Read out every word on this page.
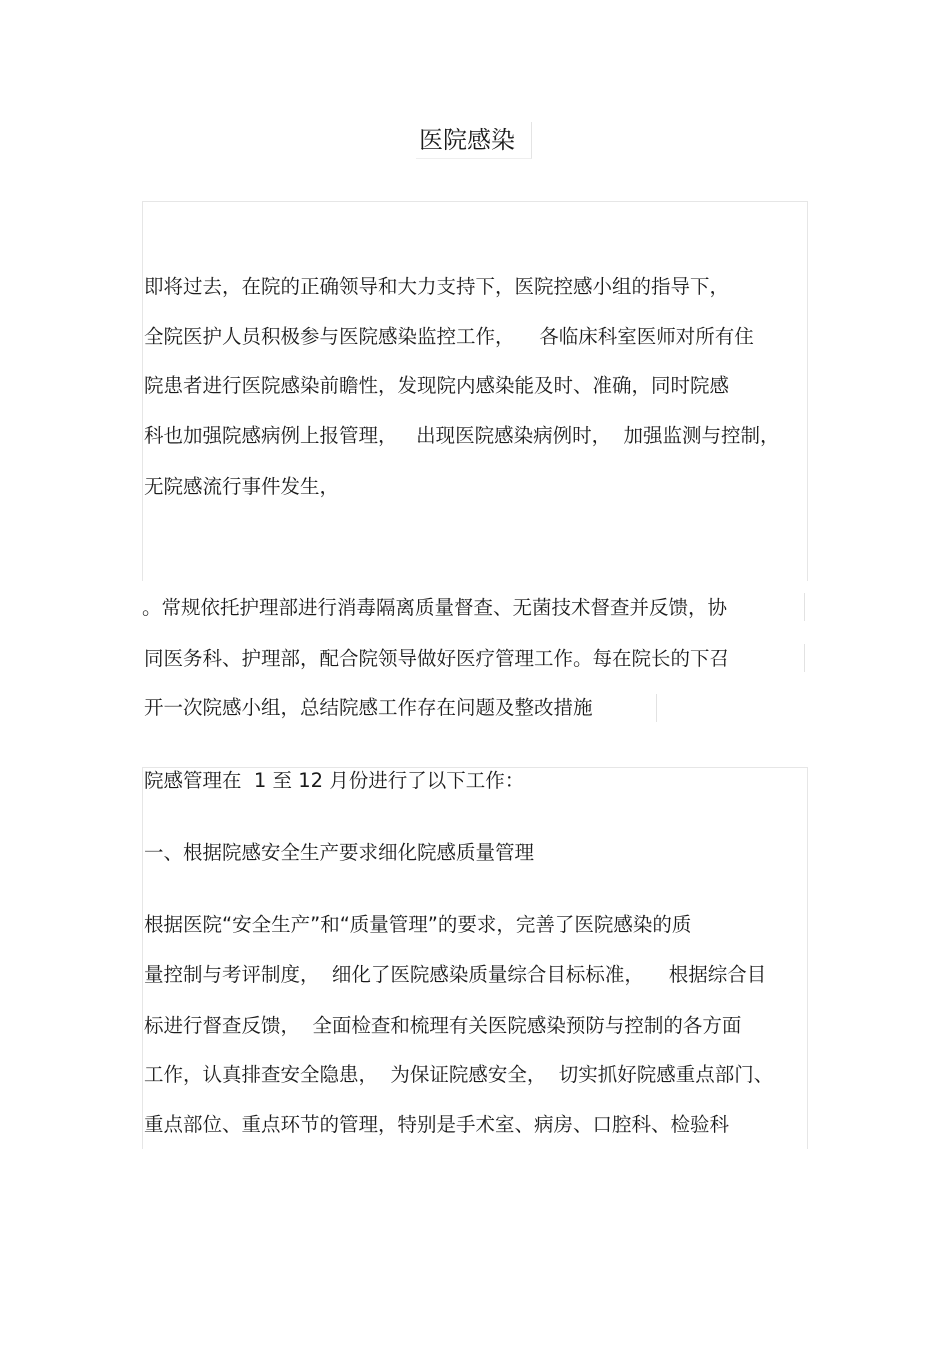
医院感染
即将过去，在院的正确领导和大力支持下，医院控感小组的指导下，
全院医护人员积极参与医院感染监控工作，    各临床科室医师对所有住
院患者进行医院感染前瞻性，发现院内感染能及时、准确，同时院感
科也加强院感病例上报管理，   出现医院感染病例时，  加强监测与控制，
无院感流行事件发生，
。常规依托护理部进行消毒隔离质量督查、无菌技术督查并反馈，协
同医务科、护理部，配合院领导做好医疗管理工作。每在院长的下召
开一次院感小组，总结院感工作存在问题及整改措施
院感管理在  1 至 12 月份进行了以下工作：
一、根据院感安全生产要求细化院感质量管理
根据医院“安全生产”和“质量管理”的要求，完善了医院感染的质
量控制与考评制度，  细化了医院感染质量综合目标标准，    根据综合目
标进行督查反馈，  全面检查和梳理有关医院感染预防与控制的各方面
工作，认真排查安全隐患，  为保证院感安全，  切实抓好院感重点部门、
重点部位、重点环节的管理，特别是手术室、病房、口腔科、检验科
